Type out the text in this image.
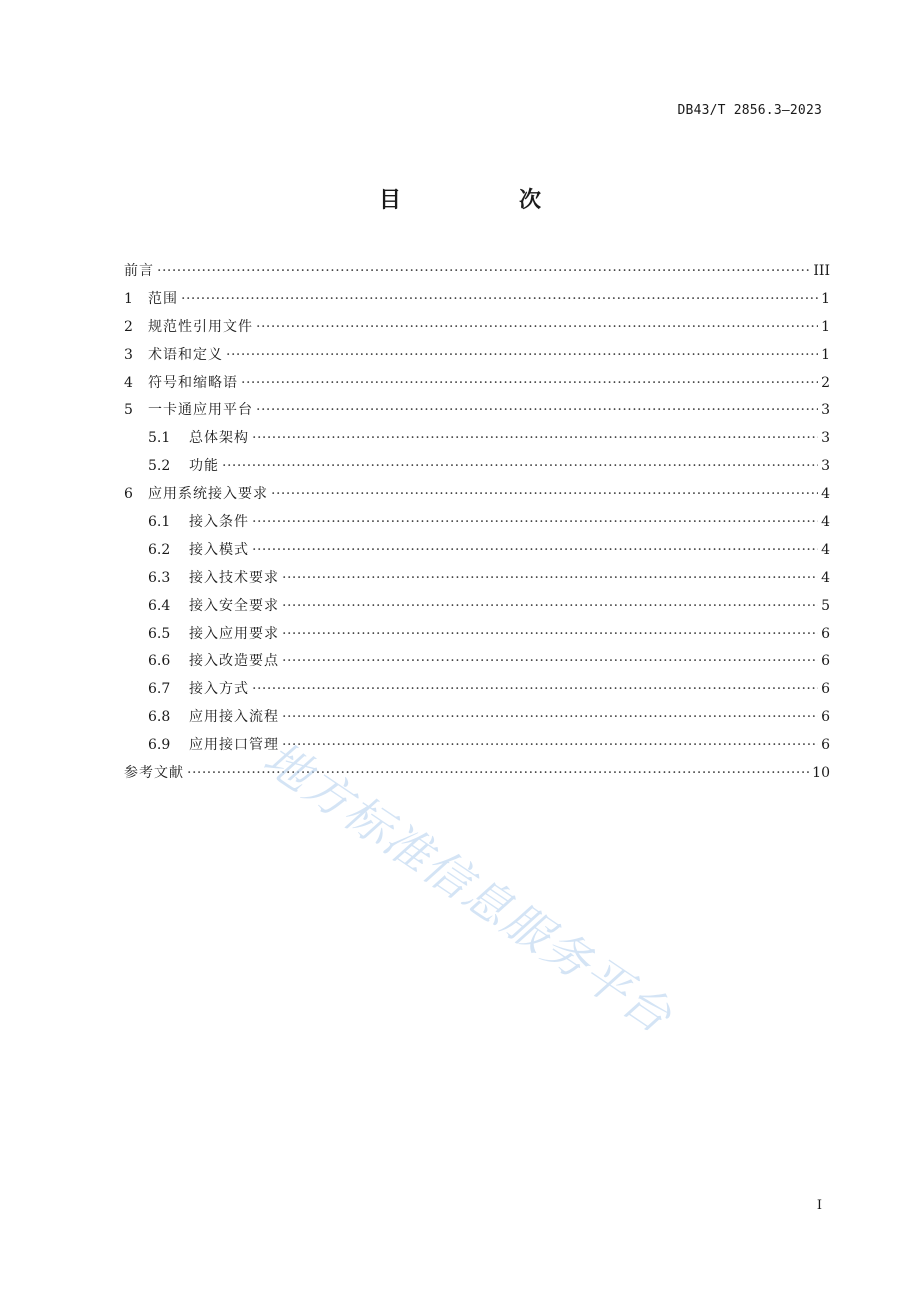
DB43/T 2856.3—2023
目　次
前言 ·····	III
1	范围 ·····	1
2	规范性引用文件 ·····	1
3	术语和定义 ·····	1
4	符号和缩略语 ·····	2
5	一卡通应用平台 ·····	3
5.1	总体架构 ·····	3
5.2	功能 ·····	3
6	应用系统接入要求 ·····	4
6.1	接入条件 ·····	4
6.2	接入模式 ·····	4
6.3	接入技术要求 ·····	4
6.4	接入安全要求 ·····	5
6.5	接入应用要求 ·····	6
6.6	接入改造要点 ·····	6
6.7	接入方式 ·····	6
6.8	应用接入流程 ·····	6
6.9	应用接口管理 ·····	6
参考文献 ·····	10
地方标准信息服务平台
I
